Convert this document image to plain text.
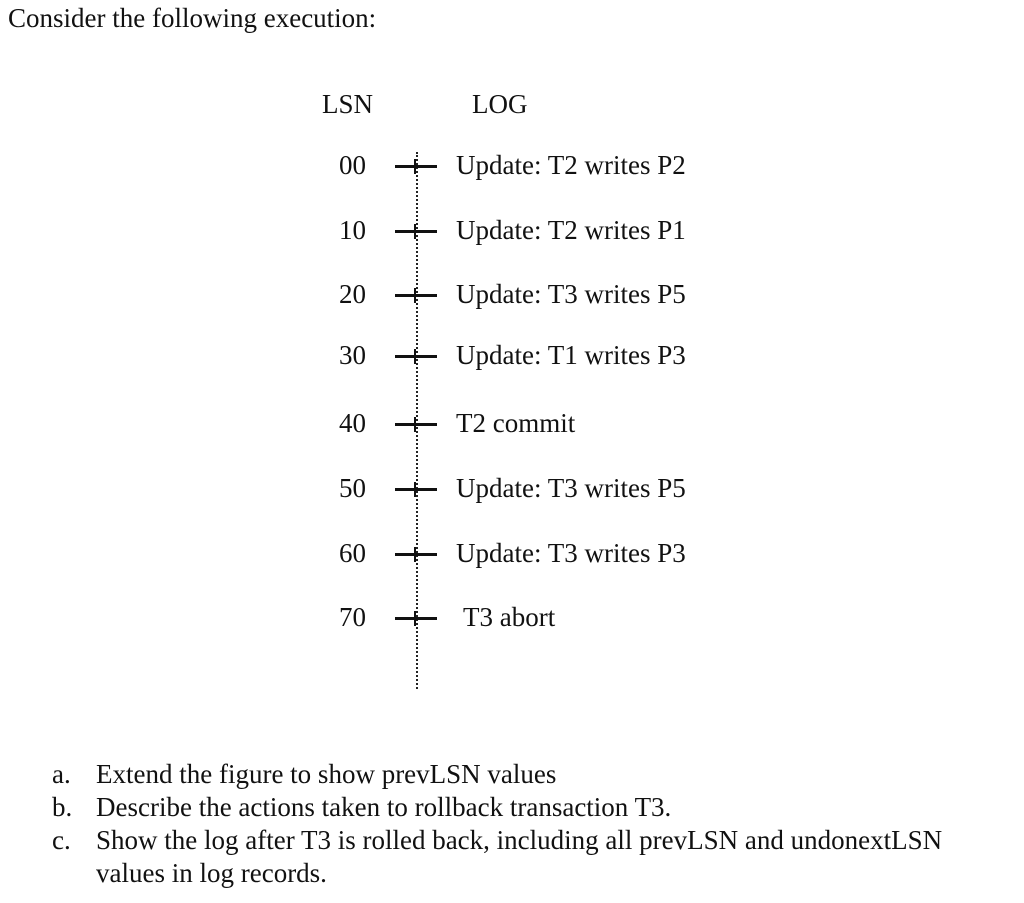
Consider the following execution:
LSN	LOG
00	Update: T2 writes P2
10	Update: T2 writes P1
20	Update: T3 writes P5
30	Update: T1 writes P3
40	T2 commit
50	Update: T3 writes P5
60	Update: T3 writes P3
70	T3 abort
a. Extend the figure to show prevLSN values
b. Describe the actions taken to rollback transaction T3.
c. Show the log after T3 is rolled back, including all prevLSN and undonextLSN values in log records.
